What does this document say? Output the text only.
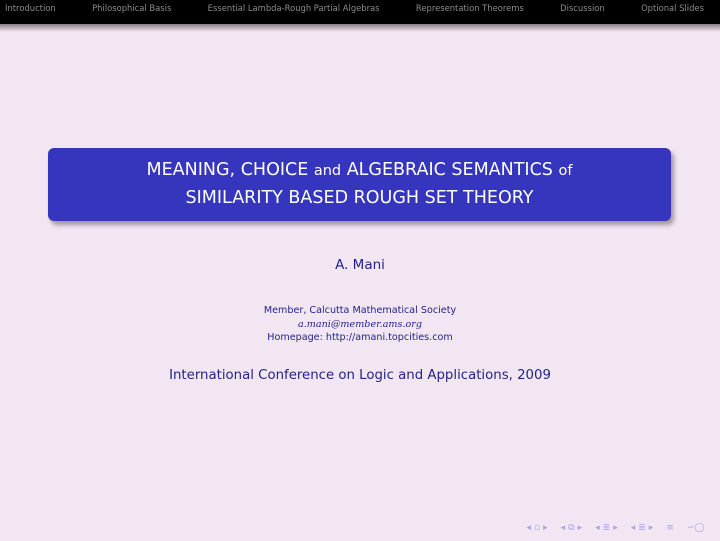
Introduction	Philosophical Basis	Essential Lambda-Rough Partial Algebras	Representation Theorems	Discussion	Optional Slides
MEANING, CHOICE and ALGEBRAIC SEMANTICS of
SIMILARITY BASED ROUGH SET THEORY
A. Mani
Member, Calcutta Mathematical Society
a.mani@member.ams.org
Homepage: http://amani.topcities.com
International Conference on Logic and Applications, 2009
◂ ▫ ▸ ◂ ⧉ ▸ ◂ ≣ ▸ ◂ ≣ ▸ ≡ ∽◯
